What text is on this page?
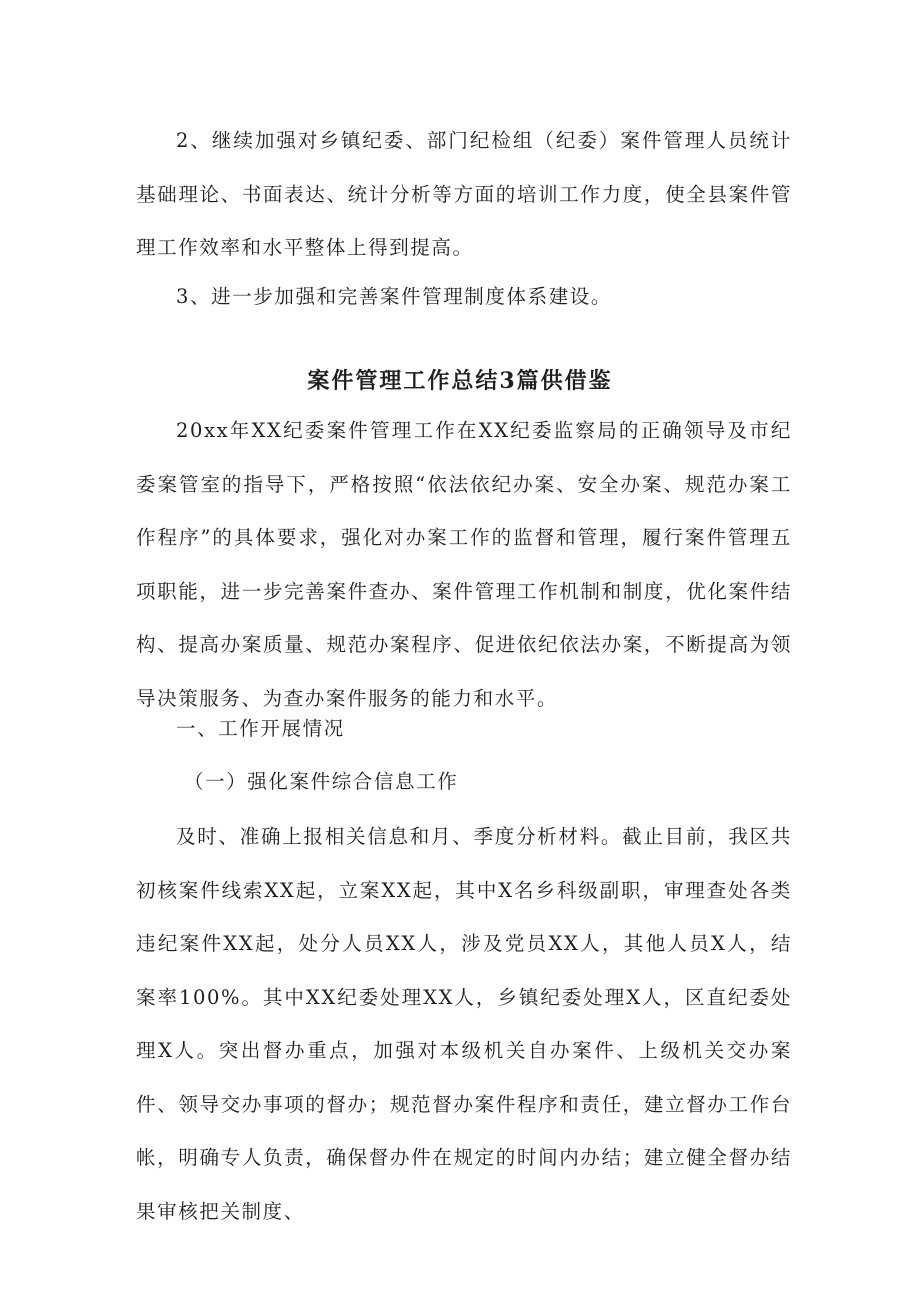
2、继续加强对乡镇纪委、部门纪检组（纪委）案件管理人员统计基础理论、书面表达、统计分析等方面的培训工作力度，使全县案件管理工作效率和水平整体上得到提高。

3、进一步加强和完善案件管理制度体系建设。

案件管理工作总结3篇供借鉴

20xx年XX纪委案件管理工作在XX纪委监察局的正确领导及市纪委案管室的指导下，严格按照“依法依纪办案、安全办案、规范办案工作程序”的具体要求，强化对办案工作的监督和管理，履行案件管理五项职能，进一步完善案件查办、案件管理工作机制和制度，优化案件结构、提高办案质量、规范办案程序、促进依纪依法办案，不断提高为领导决策服务、为查办案件服务的能力和水平。

一、工作开展情况

（一）强化案件综合信息工作

及时、准确上报相关信息和月、季度分析材料。截止目前，我区共初核案件线索XX起，立案XX起，其中X名乡科级副职，审理查处各类违纪案件XX起，处分人员XX人，涉及党员XX人，其他人员X人，结案率100%。其中XX纪委处理XX人，乡镇纪委处理X人，区直纪委处理X人。突出督办重点，加强对本级机关自办案件、上级机关交办案件、领导交办事项的督办；规范督办案件程序和责任，建立督办工作台帐，明确专人负责，确保督办件在规定的时间内办结；建立健全督办结果审核把关制度、
